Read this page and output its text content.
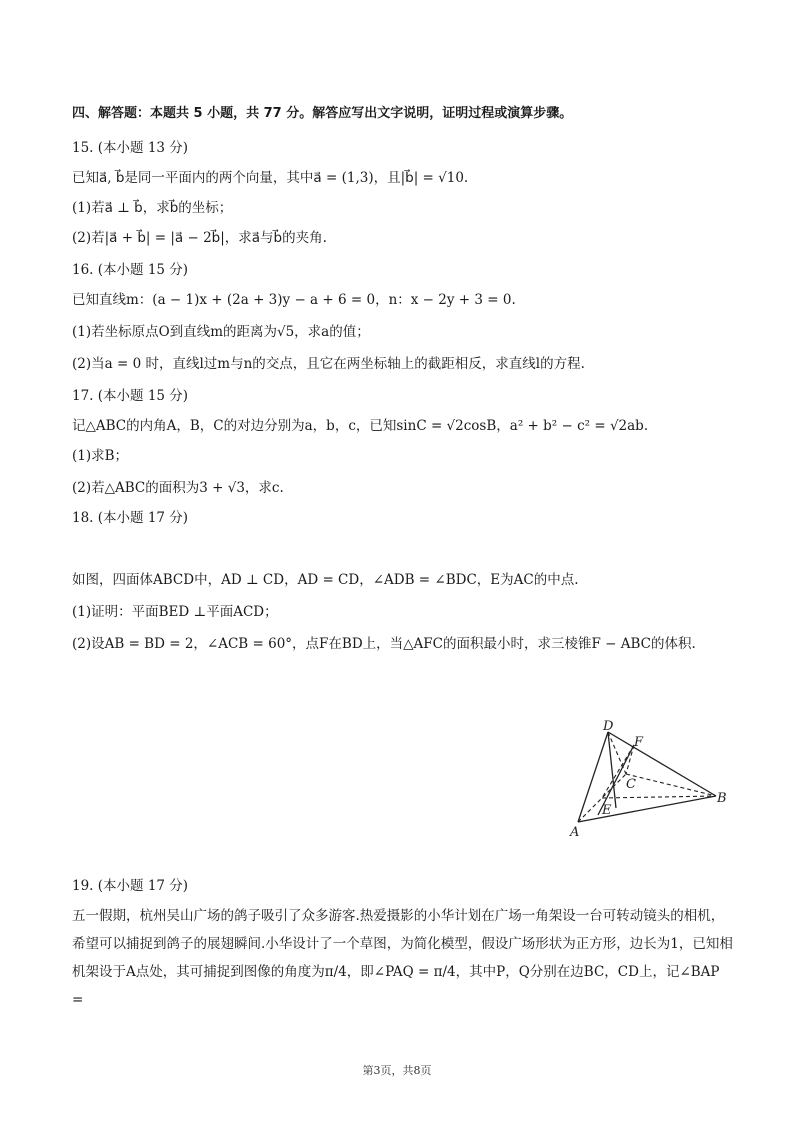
四、解答题：本题共 5 小题，共 77 分。解答应写出文字说明，证明过程或演算步骤。
15. (本小题 13 分)
已知a⃗, b⃗是同一平面内的两个向量，其中a⃗ = (1,3)，且|b⃗| = √10.
(1)若a⃗ ⊥ b⃗，求b⃗的坐标；
(2)若|a⃗ + b⃗| = |a⃗ − 2b⃗|，求a⃗与b⃗的夹角.
16. (本小题 15 分)
已知直线m：(a − 1)x + (2a + 3)y − a + 6 = 0，n：x − 2y + 3 = 0.
(1)若坐标原点O到直线m的距离为√5，求a的值；
(2)当a = 0 时，直线l过m与n的交点，且它在两坐标轴上的截距相反，求直线l的方程.
17. (本小题 15 分)
记△ABC的内角A，B，C的对边分别为a，b，c，已知sinC = √2cosB，a² + b² − c² = √2ab.
(1)求B；
(2)若△ABC的面积为3 + √3，求c.
18. (本小题 17 分)
如图，四面体ABCD中，AD ⊥ CD，AD = CD，∠ADB = ∠BDC，E为AC的中点.
(1)证明：平面BED ⊥平面ACD；
(2)设AB = BD = 2，∠ACB = 60°，点F在BD上，当△AFC的面积最小时，求三棱锥F − ABC的体积.
D
F
C
B
E
A
19. (本小题 17 分)
五一假期，杭州吴山广场的鸽子吸引了众多游客.热爱摄影的小华计划在广场一角架设一台可转动镜头的相机，希望可以捕捉到鸽子的展翅瞬间.小华设计了一个草图，为简化模型，假设广场形状为正方形，边长为1，已知相机架设于A点处，其可捕捉到图像的角度为π/4，即∠PAQ = π/4，其中P，Q分别在边BC，CD上，记∠BAP =
第3页，共8页
